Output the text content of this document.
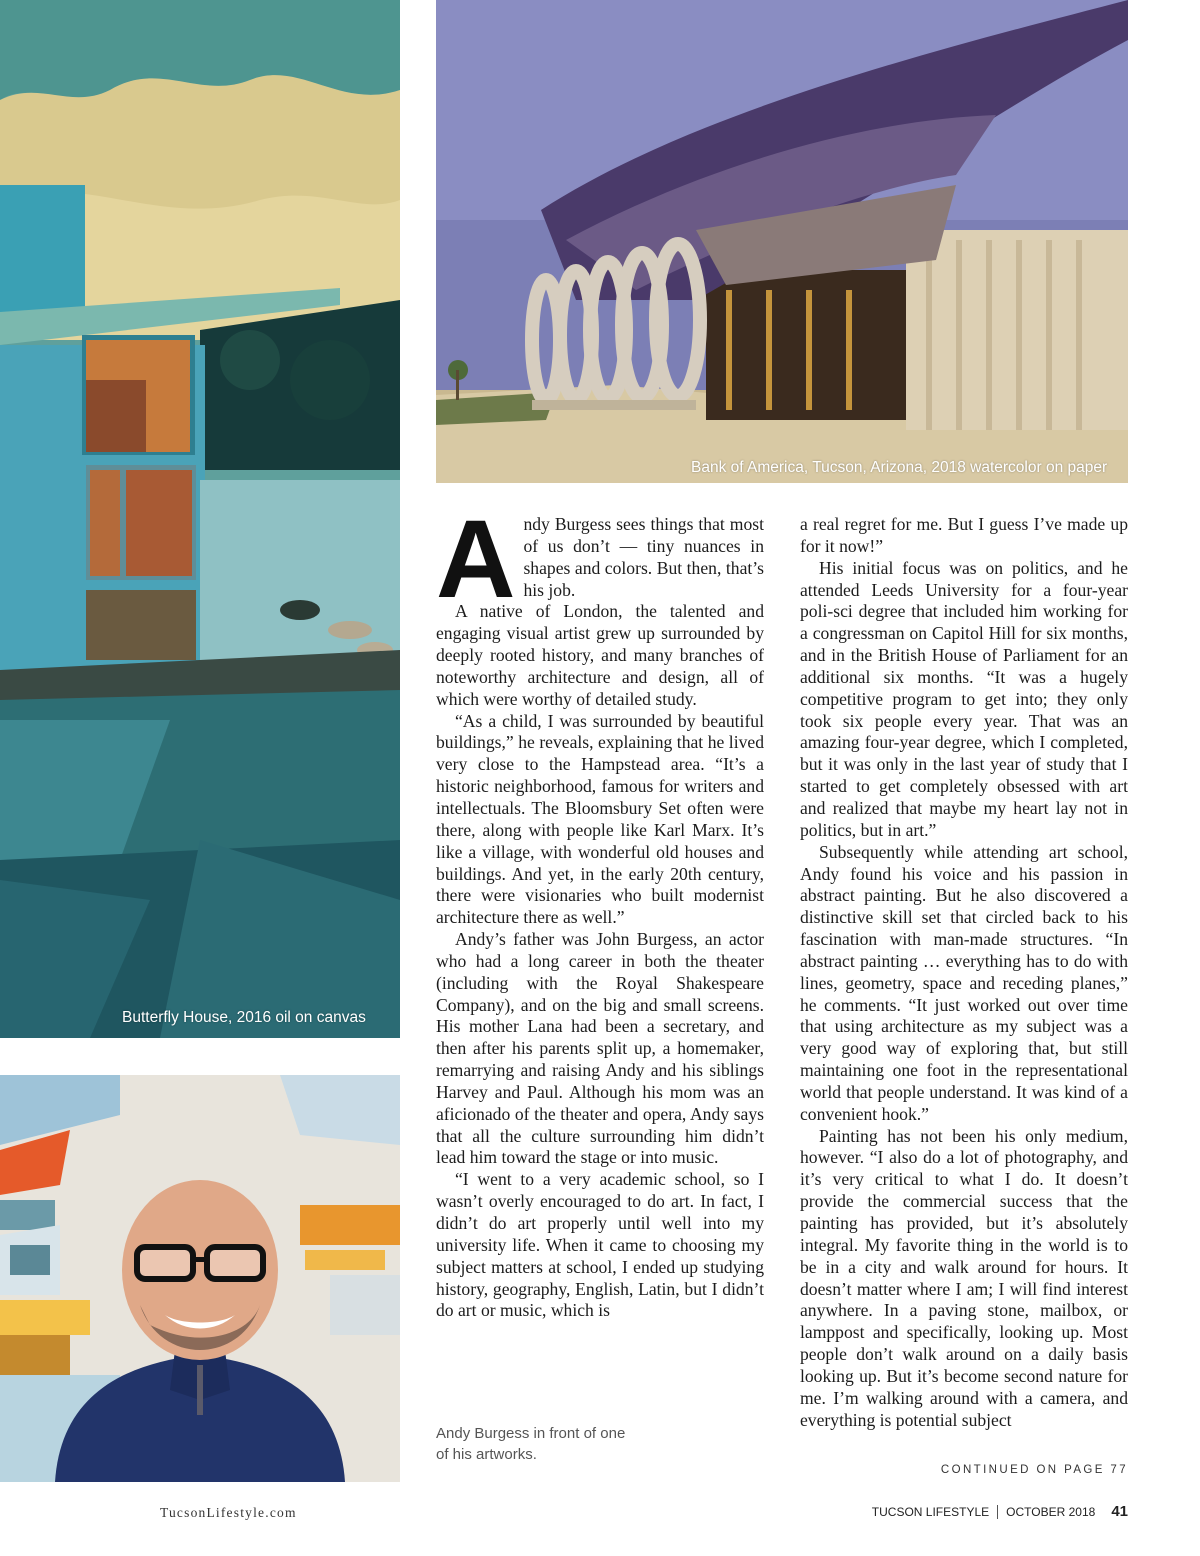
Butterfly House, 2016 oil on canvas
Bank of America, Tucson, Arizona, 2018 watercolor on paper
A ndy Burgess sees things that most of us don’t — tiny nuances in shapes and colors. But then, that’s his job.

A native of London, the talented and engaging visual artist grew up surrounded by deeply rooted history, and many branches of noteworthy architecture and design, all of which were worthy of detailed study.

“As a child, I was surrounded by beautiful buildings,” he reveals, explaining that he lived very close to the Hampstead area. “It’s a historic neighborhood, famous for writers and intellectuals. The Bloomsbury Set often were there, along with people like Karl Marx. It’s like a village, with wonderful old houses and buildings. And yet, in the early 20th century, there were visionaries who built modernist architecture there as well.”

Andy’s father was John Burgess, an actor who had a long career in both the theater (including with the Royal Shakespeare Company), and on the big and small screens. His mother Lana had been a secretary, and then after his parents split up, a homemaker, remarrying and raising Andy and his siblings Harvey and Paul. Although his mom was an aficionado of the theater and opera, Andy says that all the culture surrounding him didn’t lead him toward the stage or into music.

“I went to a very academic school, so I wasn’t overly encouraged to do art. In fact, I didn’t do art properly until well into my university life. When it came to choosing my subject matters at school, I ended up studying history, geography, English, Latin, but I didn’t do art or music, which is

a real regret for me. But I guess I’ve made up for it now!”

His initial focus was on politics, and he attended Leeds University for a four-year poli-sci degree that included him working for a congressman on Capitol Hill for six months, and in the British House of Parliament for an additional six months. “It was a hugely competitive program to get into; they only took six people every year. That was an amazing four-year degree, which I completed, but it was only in the last year of study that I started to get completely obsessed with art and realized that maybe my heart lay not in politics, but in art.”

Subsequently while attending art school, Andy found his voice and his passion in abstract painting. But he also discovered a distinctive skill set that circled back to his fascination with man-made structures. “In abstract painting … everything has to do with lines, geometry, space and receding planes,” he comments. “It just worked out over time that using architecture as my subject was a very good way of exploring that, but still maintaining one foot in the representational world that people understand. It was kind of a convenient hook.”

Painting has not been his only medium, however. “I also do a lot of photography, and it’s very critical to what I do. It doesn’t provide the commercial success that the painting has provided, but it’s absolutely integral. My favorite thing in the world is to be in a city and walk around for hours. It doesn’t matter where I am; I will find interest anywhere. In a paving stone, mailbox, or lamppost and specifically, looking up. Most people don’t walk around on a daily basis looking up. But it’s become second nature for me. I’m walking around with a camera, and everything is potential subject

Andy Burgess in front of one of his artworks.
CONTINUED ON PAGE 77
TucsonLifestyle.com	TUCSON LIFESTYLE OCTOBER 2018 41
